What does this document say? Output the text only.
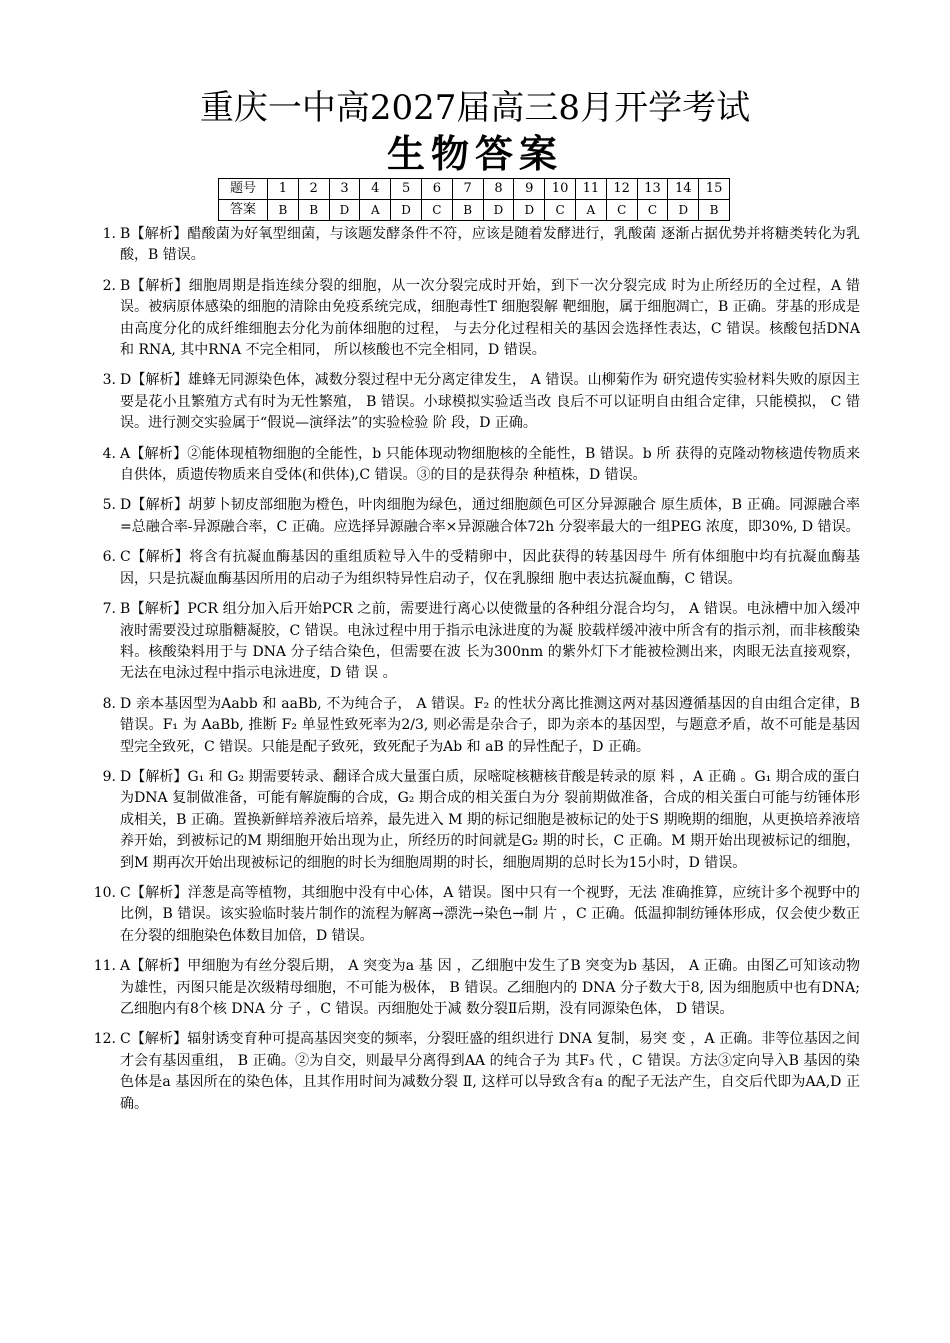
重庆一中高2027届高三8月开学考试
生物答案
题号	1	2	3	4	5	6	7	8	9	10	11	12	13	14	15
答案	B	B	D	A	D	C	B	D	D	C	A	C	C	D	B
1. B【解析】醋酸菌为好氧型细菌，与该题发酵条件不符，应该是随着发酵进行，乳酸菌 逐渐占据优势并将糖类转化为乳酸，B 错误。
2. B【解析】细胞周期是指连续分裂的细胞，从一次分裂完成时开始，到下一次分裂完成 时为止所经历的全过程，A 错误。被病原体感染的细胞的清除由免疫系统完成，细胞毒性T 细胞裂解 靶细胞，属于细胞凋亡，B 正确。芽基的形成是由高度分化的成纤维细胞去分化为前体细胞的过程， 与去分化过程相关的基因会选择性表达，C 错误。核酸包括DNA 和 RNA, 其中RNA 不完全相同， 所以核酸也不完全相同，D 错误。
3. D【解析】雄蜂无同源染色体，减数分裂过程中无分离定律发生， A 错误。山柳菊作为 研究遗传实验材料失败的原因主要是花小且繁殖方式有时为无性繁殖， B 错误。小球模拟实验适当改 良后不可以证明自由组合定律，只能模拟， C 错误。进行测交实验属于“假说—演绎法”的实验检验 阶 段，D 正确。
4. A【解析】②能体现植物细胞的全能性，b 只能体现动物细胞核的全能性，B 错误。b 所 获得的克隆动物核遗传物质来自供体，质遗传物质来自受体(和供体),C 错误。③的目的是获得杂 种植株，D 错误。
5. D【解析】胡萝卜韧皮部细胞为橙色，叶肉细胞为绿色，通过细胞颜色可区分异源融合 原生质体，B 正确。同源融合率=总融合率-异源融合率，C 正确。应选择异源融合率×异源融合体72h 分裂率最大的一组PEG 浓度，即30%, D 错误。
6. C【解析】将含有抗凝血酶基因的重组质粒导入牛的受精卵中，因此获得的转基因母牛 所有体细胞中均有抗凝血酶基因，只是抗凝血酶基因所用的启动子为组织特异性启动子，仅在乳腺细 胞中表达抗凝血酶，C 错误。
7. B【解析】PCR 组分加入后开始PCR 之前，需要进行离心以使微量的各种组分混合均匀， A 错误。电泳槽中加入缓冲液时需要没过琼脂糖凝胶，C 错误。电泳过程中用于指示电泳进度的为凝 胶载样缓冲液中所含有的指示剂，而非核酸染料。核酸染料用于与 DNA 分子结合染色，但需要在波 长为300nm 的紫外灯下才能被检测出来，肉眼无法直接观察，无法在电泳过程中指示电泳进度，D 错 误 。
8. D 亲本基因型为Aabb 和 aaBb, 不为纯合子， A 错误。F₂ 的性状分离比推测这两对基因遵循基因的自由组合定律，B 错误。F₁ 为 AaBb, 推断 F₂ 单显性致死率为2/3, 则必需是杂合子，即为亲本的基因型，与题意矛盾，故不可能是基因型完全致死，C 错误。只能是配子致死，致死配子为Ab 和 aB 的异性配子，D 正确。
9. D【解析】G₁ 和 G₂ 期需要转录、翻译合成大量蛋白质，尿嘧啶核糖核苷酸是转录的原 料 ，A 正确 。G₁ 期合成的蛋白为DNA 复制做准备，可能有解旋酶的合成，G₂ 期合成的相关蛋白为分 裂前期做准备，合成的相关蛋白可能与纺锤体形成相关，B 正确。置换新鲜培养液后培养，最先进入 M 期的标记细胞是被标记的处于S 期晚期的细胞，从更换培养液培养开始，到被标记的M 期细胞开始出现为止，所经历的时间就是G₂ 期的时长，C 正确。M 期开始出现被标记的细胞，到M 期再次开始出现被标记的细胞的时长为细胞周期的时长，细胞周期的总时长为15小时，D 错误。
10. C【解析】洋葱是高等植物，其细胞中没有中心体，A 错误。图中只有一个视野，无法 准确推算，应统计多个视野中的比例，B 错误。该实验临时装片制作的流程为解离→漂洗→染色→制 片 ，C 正确。低温抑制纺锤体形成，仅会使少数正在分裂的细胞染色体数目加倍，D 错误。
11. A【解析】甲细胞为有丝分裂后期， A 突变为a 基 因 ，乙细胞中发生了B 突变为b 基因， A 正确。由图乙可知该动物为雄性，丙图只能是次级精母细胞，不可能为极体， B 错误。乙细胞内的 DNA 分子数大于8, 因为细胞质中也有DNA; 乙细胞内有8个核 DNA 分 子 ，C 错误。丙细胞处于减 数分裂Ⅱ后期，没有同源染色体， D 错误。
12. C【解析】辐射诱变育种可提高基因突变的频率，分裂旺盛的组织进行 DNA 复制，易突 变 ，A 正确。非等位基因之间才会有基因重组， B 正确。②为自交，则最早分离得到AA 的纯合子为 其F₃ 代 ，C 错误。方法③定向导入B 基因的染色体是a 基因所在的染色体，且其作用时间为减数分裂 Ⅱ, 这样可以导致含有a 的配子无法产生，自交后代即为AA,D 正确。
